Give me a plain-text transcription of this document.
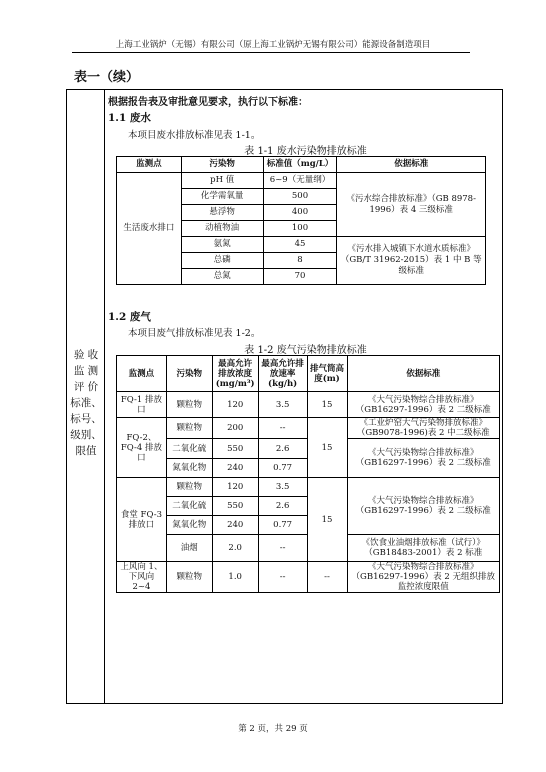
上海工业锅炉（无锡）有限公司（原上海工业锅炉无锡有限公司）能源设备制造项目
表一（续）
验 收
监 测
评 价
标准、
标号、
级别、
限值
根据报告表及审批意见要求，执行以下标准：
1.1 废水
本项目废水排放标准见表 1-1。
表 1-1 废水污染物排放标准
监测点	污染物	标准值（mg/L）	依据标准
生活废水排口	pH 值	6~9（无量纲）	《污水综合排放标准》（GB 8978-1996）表 4 三级标准
	化学需氧量	500	
	悬浮物	400	
	动植物油	100	
	氨氮	45	《污水排入城镇下水道水质标准》（GB/T 31962-2015）表 1 中 B 等级标准
	总磷	8	
	总氮	70	
1.2 废气
本项目废气排放标准见表 1-2。
表 1-2 废气污染物排放标准
监测点	污染物	最高允许排放浓度(mg/m³)	最高允许排放速率(kg/h)	排气筒高度(m)	依据标准
FQ-1 排放口	颗粒物	120	3.5	15	《大气污染物综合排放标准》（GB16297-1996）表 2 二级标准
FQ-2、FQ-4 排放口	颗粒物	200	--	15	《工业炉窑大气污染物排放标准》（GB9078-1996)表 2 中二级标准
	二氧化硫	550	2.6		《大气污染物综合排放标准》（GB16297-1996）表 2 二级标准
	氮氧化物	240	0.77		
食堂 FQ-3 排放口	颗粒物	120	3.5	15	《大气污染物综合排放标准》（GB16297-1996）表 2 二级标准
	二氧化硫	550	2.6		
	氮氧化物	240	0.77		
	油烟	2.0	--		《饮食业油烟排放标准（试行）》（GB18483-2001）表 2 标准
上风向 1、下风向 2~4	颗粒物	1.0	--	--	《大气污染物综合排放标准》（GB16297-1996）表 2 无组织排放监控浓度限值
第 2 页，共 29 页
